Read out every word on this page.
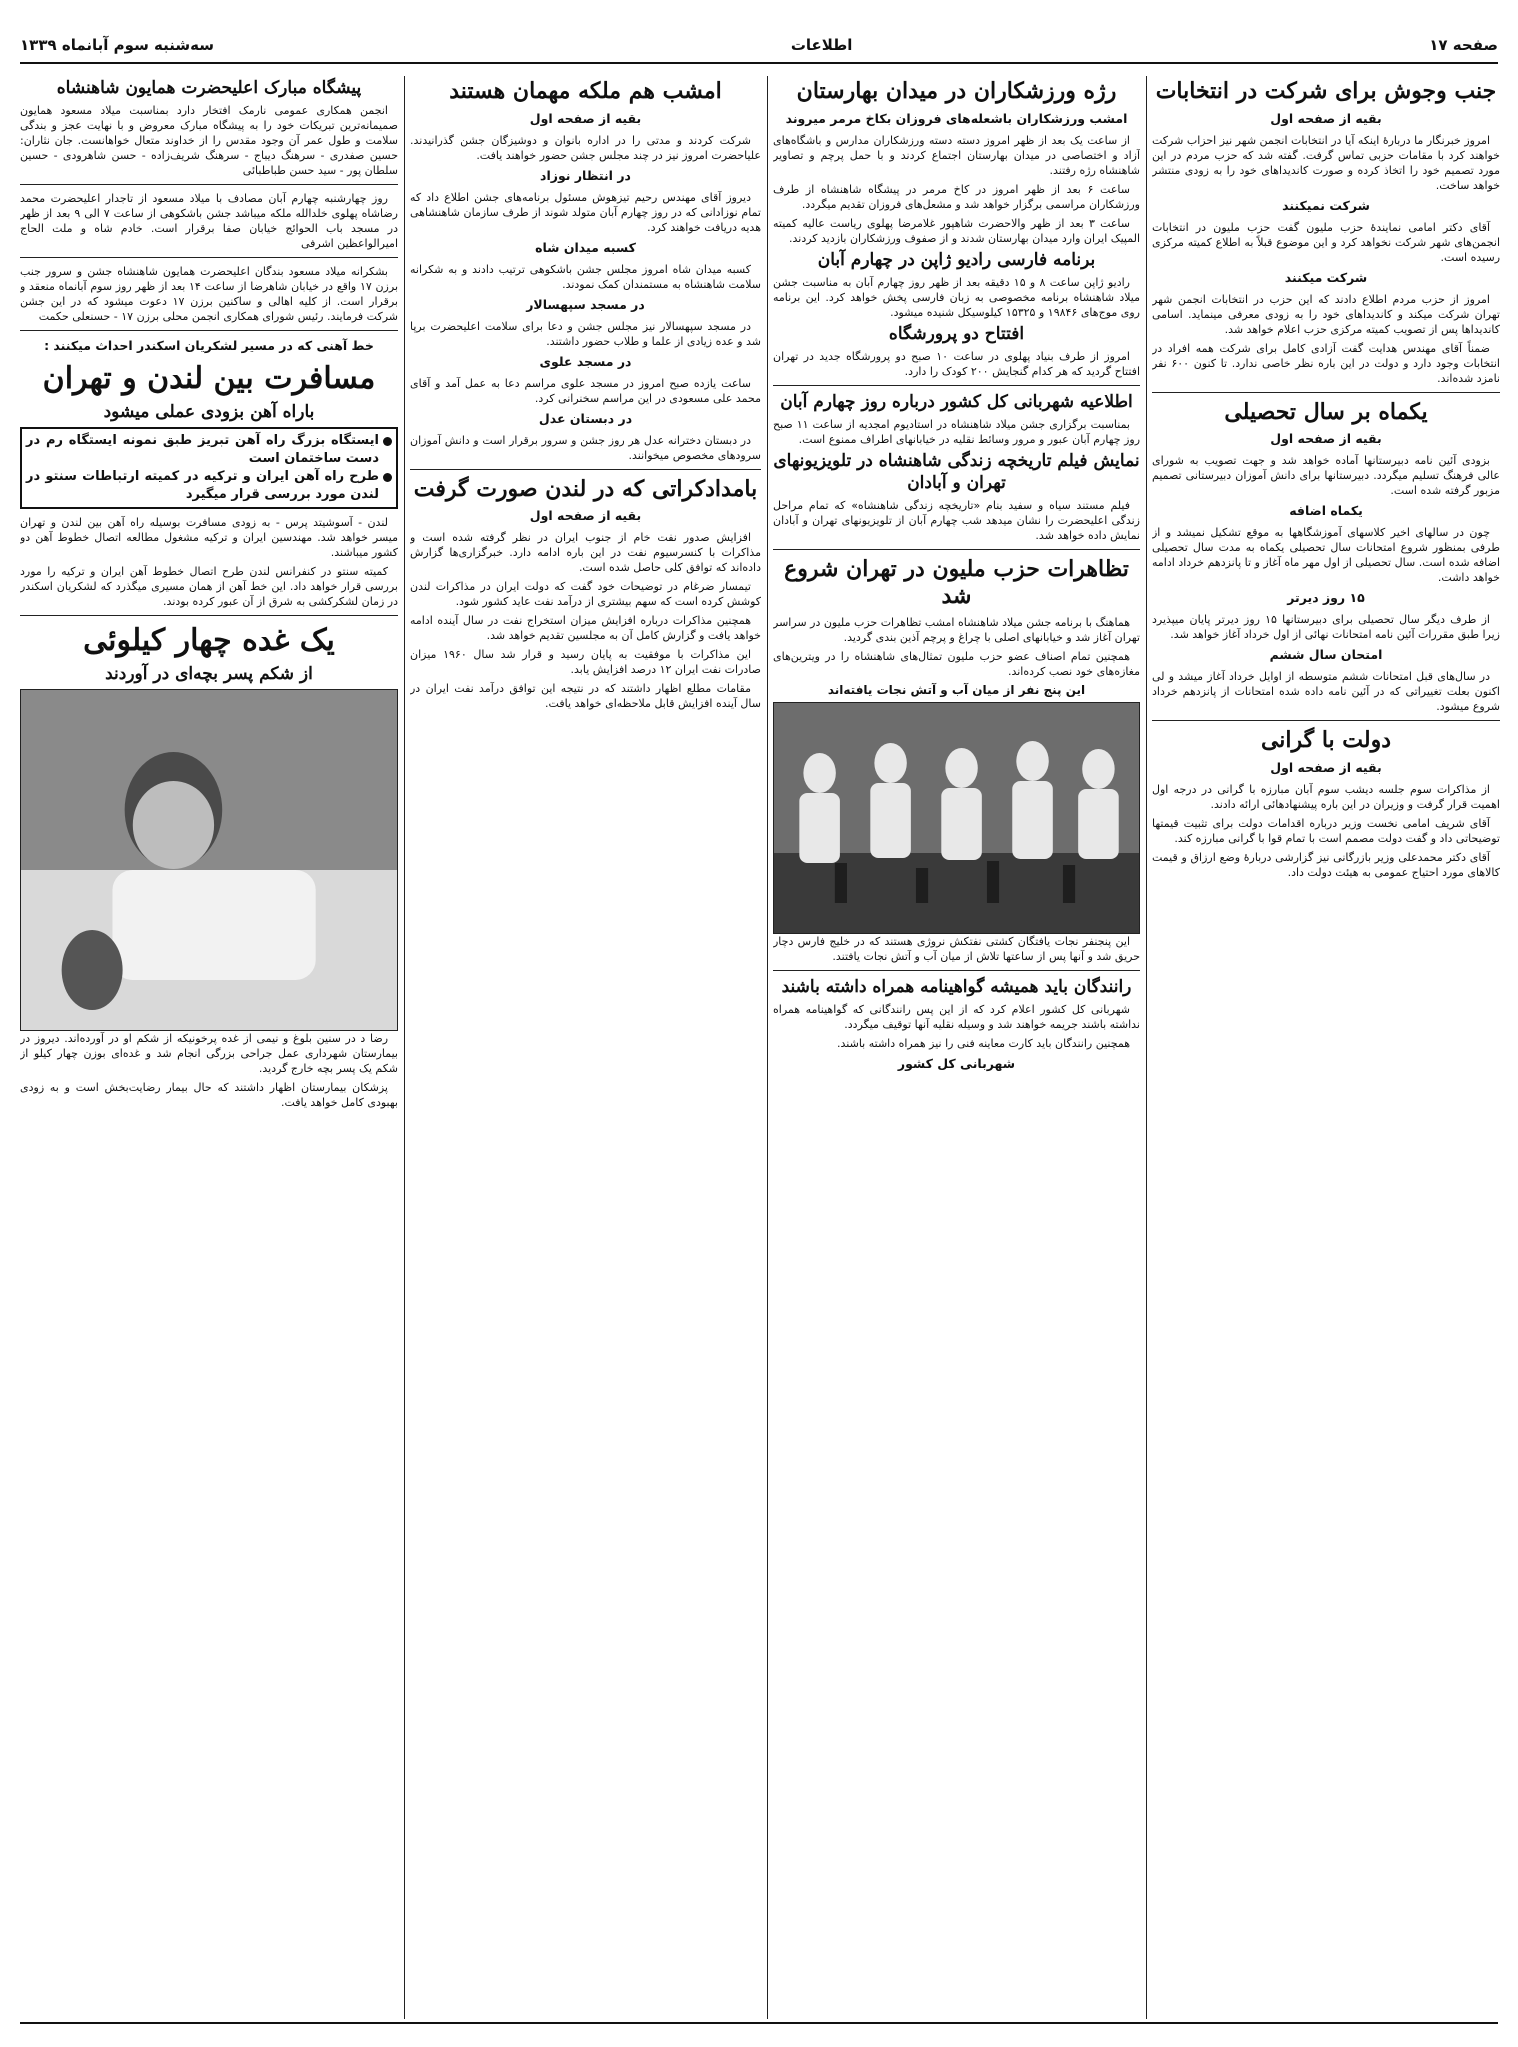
صفحه ۱۷
اطلاعات
سه‌شنبه سوم آبانماه ۱۳۳۹
جنب وجوش برای شرکت در انتخابات
بقیه از صفحه اول

امروز خبرنگار ما دربارهٔ اینکه آیا در انتخابات انجمن شهر نیز احزاب شرکت خواهند کرد با مقامات حزبی تماس گرفت. گفته شد که حزب مردم در این مورد تصمیم خود را اتخاذ کرده و صورت کاندیداهای خود را به زودی منتشر خواهد ساخت.

شرکت نمیکنند

آقای دکتر امامی نمایندهٔ حزب ملیون گفت حزب ملیون در انتخابات انجمن‌های شهر شرکت نخواهد کرد و این موضوع قبلاً به اطلاع کمیته مرکزی رسیده است.

شرکت میکنند

امروز از حزب مردم اطلاع دادند که این حزب در انتخابات انجمن شهر تهران شرکت میکند و کاندیداهای خود را به زودی معرفی مینماید. اسامی کاندیداها پس از تصویب کمیته مرکزی حزب اعلام خواهد شد.

ضمناً آقای مهندس هدایت گفت آزادی کامل برای شرکت همه افراد در انتخابات وجود دارد و دولت در این باره نظر خاصی ندارد. تا کنون ۶۰۰ نفر نامزد شده‌اند.

یکماه بر سال تحصیلی
بقیه از صفحه اول

بزودی آئین نامه دبیرستانها آماده خواهد شد و جهت تصویب به شورای عالی فرهنگ تسلیم میگردد. دبیرستانها برای دانش آموزان دبیرستانی تصمیم مزبور گرفته شده است.

یکماه اضافه

چون در سالهای اخیر کلاسهای آموزشگاهها به موقع تشکیل نمیشد و از طرفی بمنظور شروع امتحانات سال تحصیلی یکماه به مدت سال تحصیلی اضافه شده است. سال تحصیلی از اول مهر ماه آغاز و تا پانزدهم خرداد ادامه خواهد داشت.

۱۵ روز دیرتر

از طرف دیگر سال تحصیلی برای دبیرستانها ۱۵ روز دیرتر پایان میپذیرد زیرا طبق مقررات آئین نامه امتحانات نهائی از اول خرداد آغاز خواهد شد.

امتحان سال ششم

در سال‌های قبل امتحانات ششم متوسطه از اوایل خرداد آغاز میشد و لی اکنون بعلت تغییراتی که در آئین نامه داده شده امتحانات از پانزدهم خرداد شروع میشود.

دولت با گرانی
بقیه از صفحه اول

از مذاکرات سوم جلسه دیشب سوم آبان مبارزه با گرانی در درجه اول اهمیت قرار گرفت و وزیران در این باره پیشنهادهائی ارائه دادند.

آقای شریف امامی نخست وزیر درباره اقدامات دولت برای تثبیت قیمتها توضیحاتی داد و گفت دولت مصمم است با تمام قوا با گرانی مبارزه کند.

آقای دکتر محمدعلی وزیر بازرگانی نیز گزارشی دربارهٔ وضع ارزاق و قیمت کالاهای مورد احتیاج عمومی به هیئت دولت داد.

رژه ورزشکاران در میدان بهارستان
امشب ورزشکاران باشعله‌های فروزان بکاخ مرمر میروند

از ساعت یک بعد از ظهر امروز دسته دسته ورزشکاران مدارس و باشگاه‌های آزاد و اختصاصی در میدان بهارستان اجتماع کردند و با حمل پرچم و تصاویر شاهنشاه رژه رفتند.

ساعت ۶ بعد از ظهر امروز در کاخ مرمر در پیشگاه شاهنشاه از طرف ورزشکاران مراسمی برگزار خواهد شد و مشعل‌های فروزان تقدیم میگردد.

ساعت ۳ بعد از ظهر والاحضرت شاهپور غلامرضا پهلوی ریاست عالیه کمیته المپیک ایران وارد میدان بهارستان شدند و از صفوف ورزشکاران بازدید کردند.

برنامه فارسی رادیو ژاپن در چهارم آبان

رادیو ژاپن ساعت ۸ و ۱۵ دقیقه بعد از ظهر روز چهارم آبان به مناسبت جشن میلاد شاهنشاه برنامه مخصوصی به زبان فارسی پخش خواهد کرد. این برنامه روی موج‌های ۱۹۸۴۶ و ۱۵۳۲۵ کیلوسیکل شنیده میشود.

افتتاح دو پرورشگاه

امروز از طرف بنیاد پهلوی در ساعت ۱۰ صبح دو پرورشگاه جدید در تهران افتتاح گردید که هر کدام گنجایش ۲۰۰ کودک را دارد.

اطلاعیه شهربانی کل کشور درباره روز چهارم آبان

بمناسبت برگزاری جشن میلاد شاهنشاه در استادیوم امجدیه از ساعت ۱۱ صبح روز چهارم آبان عبور و مرور وسائط نقلیه در خیابانهای اطراف ممنوع است.

نمایش فیلم تاریخچه زندگی شاهنشاه در تلویزیونهای تهران و آبادان

فیلم مستند سیاه و سفید بنام «تاریخچه زندگی شاهنشاه» که تمام مراحل زندگی اعلیحضرت را نشان میدهد شب چهارم آبان از تلویزیونهای تهران و آبادان نمایش داده خواهد شد.

تظاهرات حزب ملیون در تهران شروع شد

هماهنگ با برنامه جشن میلاد شاهنشاه امشب تظاهرات حزب ملیون در سراسر تهران آغاز شد و خیابانهای اصلی با چراغ و پرچم آذین بندی گردید.

همچنین تمام اصناف عضو حزب ملیون تمثال‌های شاهنشاه را در ویترین‌های مغازه‌های خود نصب کرده‌اند.

این پنج نفر از میان آب و آتش نجات یافته‌اند

این پنجنفر نجات یافتگان کشتی نفتکش نروژی هستند که در خلیج فارس دچار حریق شد و آنها پس از ساعتها تلاش از میان آب و آتش نجات یافتند.

رانندگان باید همیشه گواهینامه همراه داشته باشند

شهربانی کل کشور اعلام کرد که از این پس رانندگانی که گواهینامه همراه نداشته باشند جریمه خواهند شد و وسیله نقلیه آنها توقیف میگردد.

همچنین رانندگان باید کارت معاینه فنی را نیز همراه داشته باشند.

شهربانی کل کشور
امشب هم ملکه مهمان هستند
بقیه از صفحه اول

شرکت کردند و مدتی را در اداره بانوان و دوشیزگان جشن گذرانیدند. علیاحضرت امروز نیز در چند مجلس جشن حضور خواهند یافت.

در انتظار نوزاد

دیروز آقای مهندس رحیم تیزهوش مسئول برنامه‌های جشن اطلاع داد که تمام نوزادانی که در روز چهارم آبان متولد شوند از طرف سازمان شاهنشاهی هدیه دریافت خواهند کرد.

کسبه میدان شاه

کسبه میدان شاه امروز مجلس جشن باشکوهی ترتیب دادند و به شکرانه سلامت شاهنشاه به مستمندان کمک نمودند.

در مسجد سپهسالار

در مسجد سپهسالار نیز مجلس جشن و دعا برای سلامت اعلیحضرت برپا شد و عده زیادی از علما و طلاب حضور داشتند.

در مسجد علوی

ساعت یازده صبح امروز در مسجد علوی مراسم دعا به عمل آمد و آقای محمد علی مسعودی در این مراسم سخنرانی کرد.

در دبستان عدل

در دبستان دخترانه عدل هر روز جشن و سرور برقرار است و دانش آموزان سرودهای مخصوص میخوانند.

بامدادکراتی که در لندن صورت گرفت
بقیه از صفحه اول

افزایش صدور نفت خام از جنوب ایران در نظر گرفته شده است و مذاکرات با کنسرسیوم نفت در این باره ادامه دارد. خبرگزاری‌ها گزارش داده‌اند که توافق کلی حاصل شده است.

تیمسار ضرغام در توضیحات خود گفت که دولت ایران در مذاکرات لندن کوشش کرده است که سهم بیشتری از درآمد نفت عاید کشور شود.

همچنین مذاکرات درباره افزایش میزان استخراج نفت در سال آینده ادامه خواهد یافت و گزارش کامل آن به مجلسین تقدیم خواهد شد.

این مذاکرات با موفقیت به پایان رسید و قرار شد سال ۱۹۶۰ میزان صادرات نفت ایران ۱۲ درصد افزایش یابد.

مقامات مطلع اظهار داشتند که در نتیجه این توافق درآمد نفت ایران در سال آینده افزایش قابل ملاحظه‌ای خواهد یافت.

پیشگاه مبارک اعلیحضرت همایون شاهنشاه

انجمن همکاری عمومی نارمک افتخار دارد بمناسبت میلاد مسعود همایون صمیمانه‌ترین تبریکات خود را به پیشگاه مبارک معروض و با نهایت عجز و بندگی سلامت و طول عمر آن وجود مقدس را از خداوند متعال خواهانست. جان نثاران: حسین صفدری - سرهنگ دیباج - سرهنگ شریف‌زاده - حسن شاهرودی - حسین سلطان پور - سید حسن طباطبائی

روز چهارشنبه چهارم آبان مصادف با میلاد مسعود از تاجدار اعلیحضرت محمد رضاشاه پهلوی خلدالله ملکه میباشد جشن باشکوهی از ساعت ۷ الی ۹ بعد از ظهر در مسجد باب الحوائج خیابان صفا برقرار است. خادم شاه و ملت الحاج امیرالواعظین اشرفی

بشکرانه میلاد مسعود بندگان اعلیحضرت همایون شاهنشاه جشن و سرور جنب برزن ۱۷ واقع در خیابان شاهرضا از ساعت ۱۴ بعد از ظهر روز سوم آبانماه منعقد و برقرار است. از کلیه اهالی و ساکنین برزن ۱۷ دعوت میشود که در این جشن شرکت فرمایند. رئیس شورای همکاری انجمن محلی برزن ۱۷ - حسنعلی حکمت

خط آهنی که در مسیر لشکریان اسکندر احداث میکنند :
مسافرت بین لندن و تهران
باراه آهن بزودی عملی میشود
ایستگاه بزرگ راه آهن تبریز طبق نمونه ایستگاه رم در دست ساختمان است
طرح راه آهن ایران و ترکیه در کمیته ارتباطات سنتو در لندن مورد بررسی قرار میگیرد

لندن - آسوشیتد پرس - به زودی مسافرت بوسیله راه آهن بین لندن و تهران میسر خواهد شد. مهندسین ایران و ترکیه مشغول مطالعه اتصال خطوط آهن دو کشور میباشند.

کمیته سنتو در کنفرانس لندن طرح اتصال خطوط آهن ایران و ترکیه را مورد بررسی قرار خواهد داد. این خط آهن از همان مسیری میگذرد که لشکریان اسکندر در زمان لشکرکشی به شرق از آن عبور کرده بودند.

یک غده چهار کیلوئی
از شکم پسر بچه‌ای در آوردند

رضا د در سنین بلوغ و نیمی از غده پرخونیکه از شکم او در آورده‌اند. دیروز در بیمارستان شهرداری عمل جراحی بزرگی انجام شد و غده‌ای بوزن چهار کیلو از شکم یک پسر بچه خارج گردید.

پزشکان بیمارستان اظهار داشتند که حال بیمار رضایت‌بخش است و به زودی بهبودی کامل خواهد یافت.
